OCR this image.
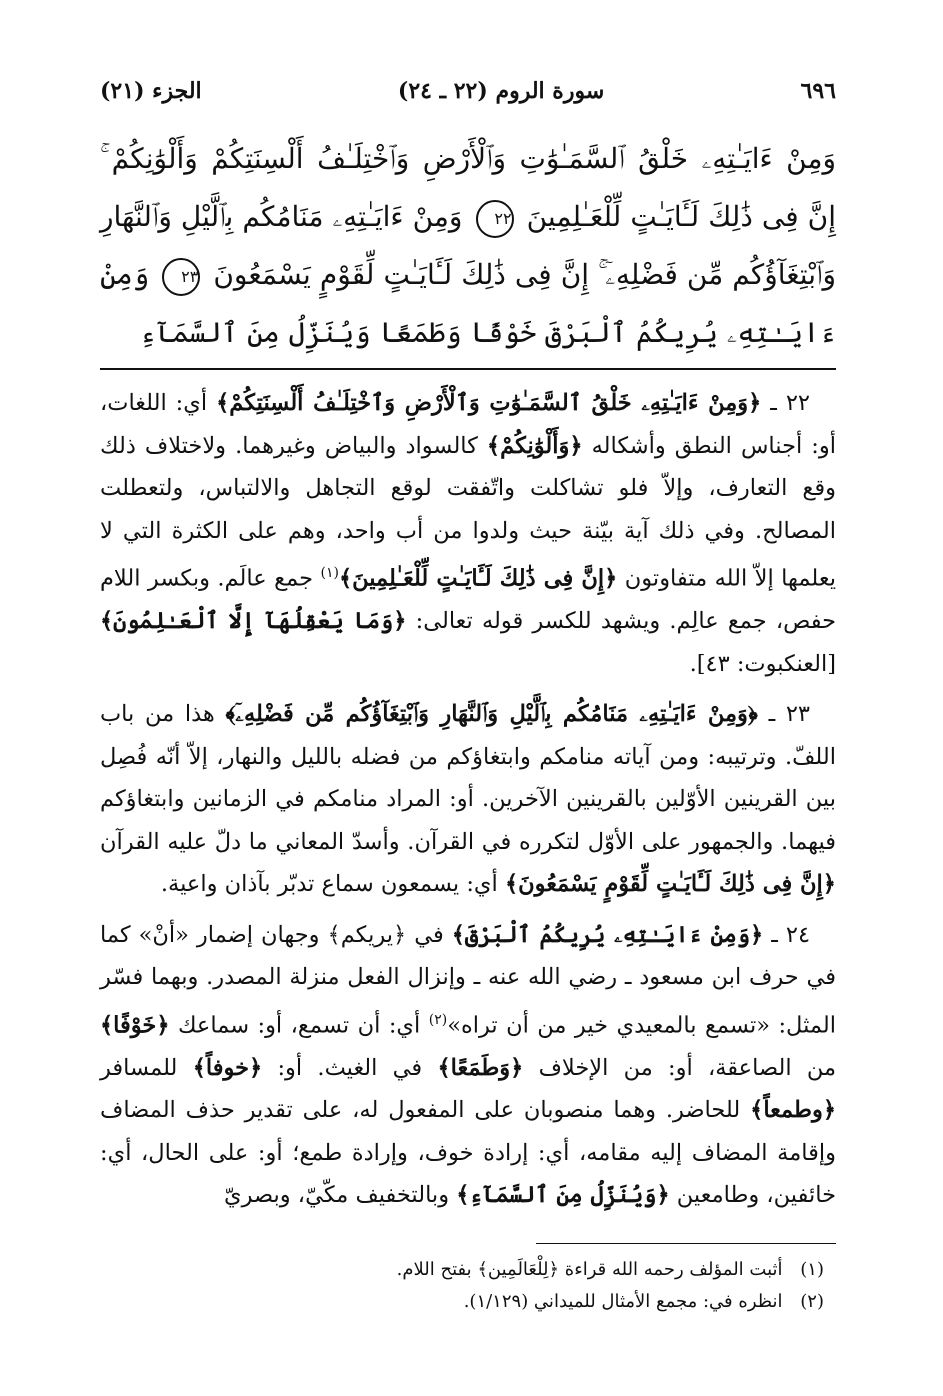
٦٩٦
سورة الروم (٢٢ ـ ٢٤)
الجزء (٢١)
وَمِنْ ءَايَـٰتِهِۦ خَلْقُ ٱلسَّمَـٰوَٰتِ وَٱلْأَرْضِ وَٱخْتِلَـٰفُ أَلْسِنَتِكُمْ وَأَلْوَٰنِكُمْ ۚ إِنَّ فِى ذَٰلِكَ لَـَٔايَـٰتٍ لِّلْعَـٰلِمِينَ ٢٢ وَمِنْ ءَايَـٰتِهِۦ مَنَامُكُم بِٱلَّيْلِ وَٱلنَّهَارِ وَٱبْتِغَآؤُكُم مِّن فَضْلِهِۦٓ ۚ إِنَّ فِى ذَٰلِكَ لَـَٔايَـٰتٍ لِّقَوْمٍ يَسْمَعُونَ ٢٣ وَمِنْ ءَايَـٰتِهِۦ يُرِيكُمُ ٱلْبَرْقَ خَوْفًا وَطَمَعًا وَيُنَزِّلُ مِنَ ٱلسَّمَآءِ

٢٢ ـ ﴿وَمِنْ ءَايَـٰتِهِۦ خَلْقُ ٱلسَّمَـٰوَٰتِ وَٱلْأَرْضِ وَٱخْتِلَـٰفُ أَلْسِنَتِكُمْ﴾ أي: اللغات، أو: أجناس النطق وأشكاله ﴿وَأَلْوَٰنِكُمْ﴾ كالسواد والبياض وغيرهما. ولاختلاف ذلك وقع التعارف، وإلاّ فلو تشاكلت واتّفقت لوقع التجاهل والالتباس، ولتعطلت المصالح. وفي ذلك آية بيّنة حيث ولدوا من أب واحد، وهم على الكثرة التي لا يعلمها إلاّ الله متفاوتون ﴿إِنَّ فِى ذَٰلِكَ لَـَٔايَـٰتٍ لِّلْعَـٰلِمِينَ﴾$^{(١)}$ جمع عالَم. وبكسر اللام حفص، جمع عالِم. ويشهد للكسر قوله تعالى: ﴿وَمَا يَعْقِلُهَآ إِلَّا ٱلْعَـٰلِمُونَ﴾ [العنكبوت: ٤٣].

٢٣ ـ ﴿وَمِنْ ءَايَـٰتِهِۦ مَنَامُكُم بِٱلَّيْلِ وَٱلنَّهَارِ وَٱبْتِغَآؤُكُم مِّن فَضْلِهِۦٓ﴾ هذا من باب اللفّ. وترتيبه: ومن آياته منامكم وابتغاؤكم من فضله بالليل والنهار، إلاّ أنّه فُصِل بين القرينين الأوّلين بالقرينين الآخرين. أو: المراد منامكم في الزمانين وابتغاؤكم فيهما. والجمهور على الأوّل لتكرره في القرآن. وأسدّ المعاني ما دلّ عليه القرآن ﴿إِنَّ فِى ذَٰلِكَ لَـَٔايَـٰتٍ لِّقَوْمٍ يَسْمَعُونَ﴾ أي: يسمعون سماع تدبّر بآذان واعية.

٢٤ ـ ﴿وَمِنْ ءَايَـٰتِهِۦ يُرِيكُمُ ٱلْبَرْقَ﴾ في ﴿يريكم﴾ وجهان إضمار «أنْ» كما في حرف ابن مسعود ـ رضي الله عنه ـ وإنزال الفعل منزلة المصدر. وبهما فسّر المثل: «تسمع بالمعيدي خير من أن تراه»$^{(٢)}$ أي: أن تسمع، أو: سماعك ﴿خَوْفًا﴾ من الصاعقة، أو: من الإخلاف ﴿وَطَمَعًا﴾ في الغيث. أو: ﴿خوفاً﴾ للمسافر ﴿وطمعاً﴾ للحاضر. وهما منصوبان على المفعول له، على تقدير حذف المضاف وإقامة المضاف إليه مقامه، أي: إرادة خوف، وإرادة طمع؛ أو: على الحال، أي: خائفين، وطامعين ﴿وَيُنَزِّلُ مِنَ ٱلسَّمَآءِ﴾ وبالتخفيف مكّيّ، وبصريّ

(١) أثبت المؤلف رحمه الله قراءة ﴿لِلْعَالَمِين﴾ بفتح اللام.
(٢) انظره في: مجمع الأمثال للميداني (١/١٢٩).
